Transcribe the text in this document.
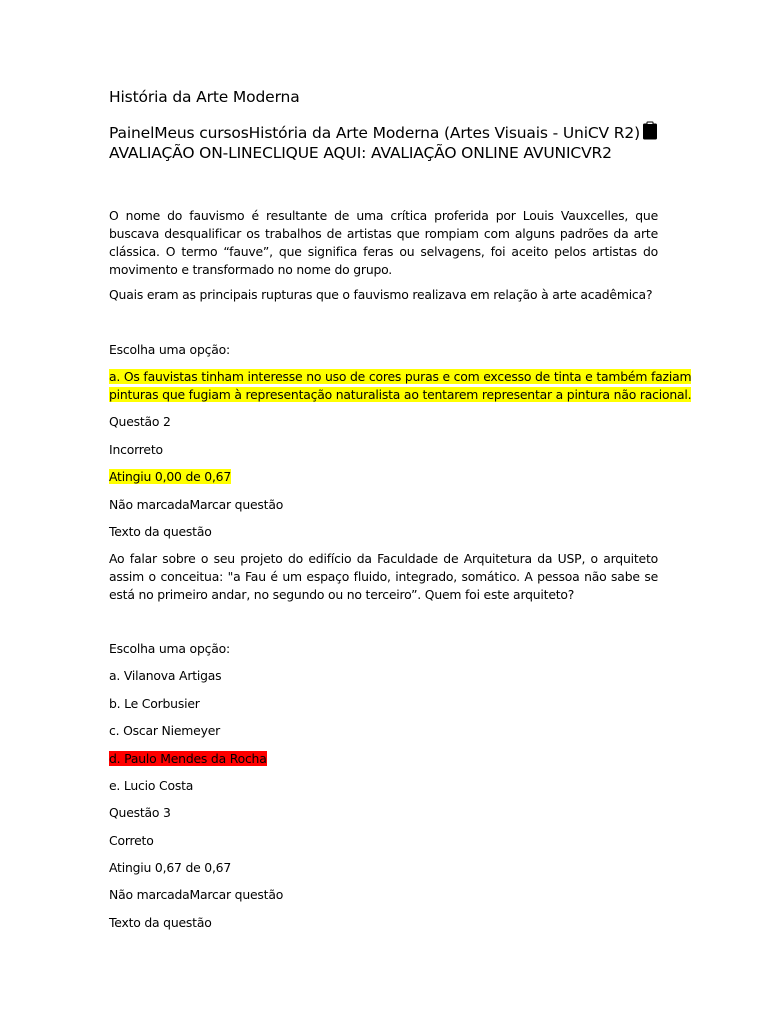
História da Arte Moderna

PainelMeus cursosHistória da Arte Moderna (Artes Visuais - UniCV R2)

AVALIAÇÃO ON-LINECLIQUE AQUI: AVALIAÇÃO ONLINE AVUNICVR2

O nome do fauvismo é resultante de uma crítica proferida por Louis Vauxcelles, que buscava desqualificar os trabalhos de artistas que rompiam com alguns padrões da arte clássica. O termo “fauve”, que significa feras ou selvagens, foi aceito pelos artistas do movimento e transformado no nome do grupo.

Quais eram as principais rupturas que o fauvismo realizava em relação à arte acadêmica?

Escolha uma opção:

a. Os fauvistas tinham interesse no uso de cores puras e com excesso de tinta e também faziam
pinturas que fugiam à representação naturalista ao tentarem representar a pintura não racional.

Questão 2

Incorreto

Atingiu 0,00 de 0,67

Não marcadaMarcar questão

Texto da questão

Ao falar sobre o seu projeto do edifício da Faculdade de Arquitetura da USP, o arquiteto assim o conceitua: "a Fau é um espaço fluido, integrado, somático. A pessoa não sabe se está no primeiro andar, no segundo ou no terceiro”. Quem foi este arquiteto?

Escolha uma opção:

a. Vilanova Artigas

b. Le Corbusier

c. Oscar Niemeyer

d. Paulo Mendes da Rocha

e. Lucio Costa

Questão 3

Correto

Atingiu 0,67 de 0,67

Não marcadaMarcar questão

Texto da questão
